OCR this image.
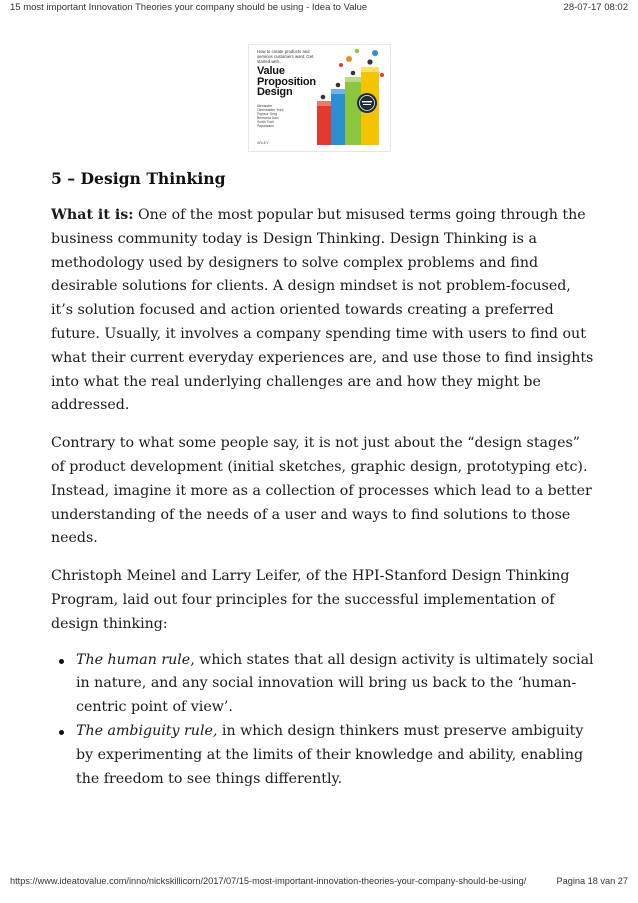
15 most important Innovation Theories your company should be using - Idea to Value	28-07-17 08:02
How to create products and services customers want. Get started with...
Value
Proposition
Design
Alexander Osterwalder Yves Pigneur Greg Bernarda Alan Smith Trish Papadakos
WILEY
5 – Design Thinking

What it is: One of the most popular but misused terms going through the business community today is Design Thinking. Design Thinking is a methodology used by designers to solve complex problems and find desirable solutions for clients. A design mindset is not problem-focused, it’s solution focused and action oriented towards creating a preferred future. Usually, it involves a company spending time with users to find out what their current everyday experiences are, and use those to find insights into what the real underlying challenges are and how they might be addressed.

Contrary to what some people say, it is not just about the “design stages” of product development (initial sketches, graphic design, prototyping etc). Instead, imagine it more as a collection of processes which lead to a better understanding of the needs of a user and ways to find solutions to those needs.

Christoph Meinel and Larry Leifer, of the HPI-Stanford Design Thinking Program, laid out four principles for the successful implementation of design thinking:

The human rule, which states that all design activity is ultimately social in nature, and any social innovation will bring us back to the ‘human-centric point of view’.
The ambiguity rule, in which design thinkers must preserve ambiguity by experimenting at the limits of their knowledge and ability, enabling the freedom to see things differently.
https://www.ideatovalue.com/inno/nickskillicorn/2017/07/15-most-important-innovation-theories-your-company-should-be-using/	Pagina 18 van 27
